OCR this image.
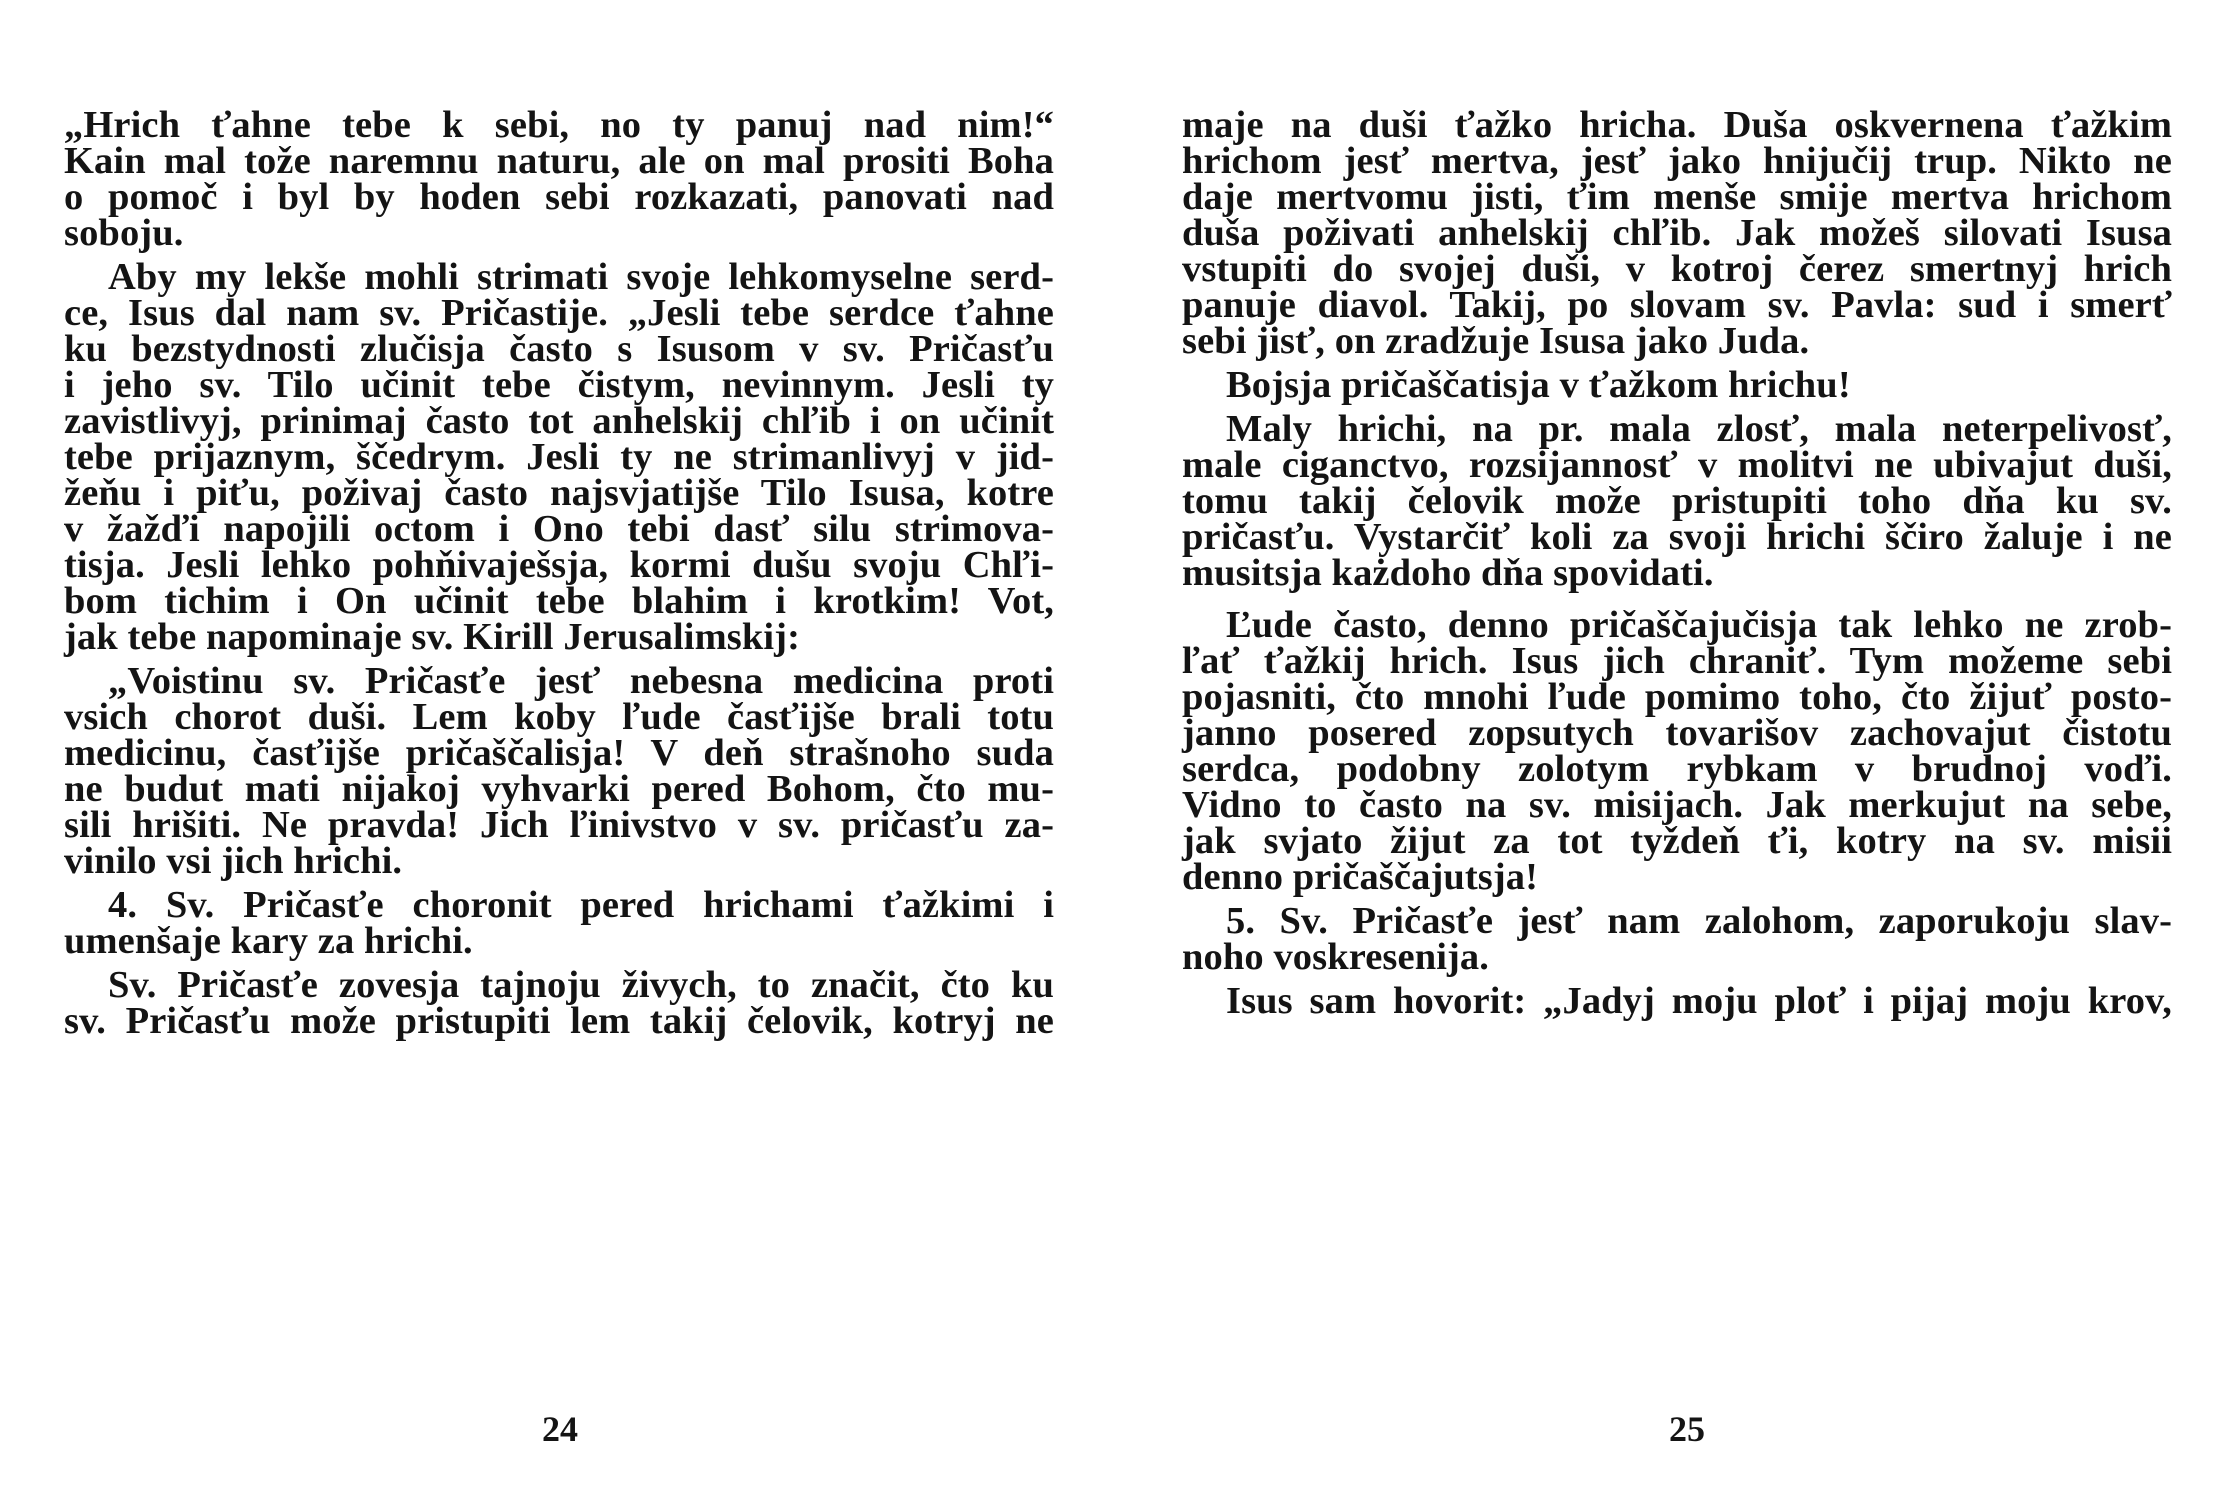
„Hrich ťahne tebe k sebi, no ty panuj nad nim!“
Kain mal tože naremnu naturu, ale on mal prositi Boha
o pomoč i byl by hoden sebi rozkazati, panovati nad
soboju.
Aby my lekše mohli strimati svoje lehkomyselne serd-
ce, Isus dal nam sv. Pričastije. „Jesli tebe serdce ťahne
ku bezstydnosti zlučisja často s Isusom v sv. Pričasťu
i jeho sv. Tilo učinit tebe čistym, nevinnym. Jesli ty
zavistlivyj, prinimaj často tot anhelskij chľib i on učinit
tebe prijaznym, ščedrym. Jesli ty ne strimanlivyj v jid-
žeňu i piťu, poživaj často najsvjatiјše Tilo Isusa, kotre
v žažďi napojili octom i Ono tebi dasť silu strimova-
tisja. Jesli lehko pohňivaješsja, kormi dušu svoju Chľi-
bom tichim i On učinit tebe blahim i krotkim! Vot,
jak tebe napominaje sv. Kirill Jerusalimskij:
„Voistinu sv. Pričasťe jesť nebesna medicina proti
vsich chorot duši. Lem koby ľude časťijše brali totu
medicinu, časťijše pričaščalisja! V deň strašnoho suda
ne budut mati nijakoj vyhvarki pered Bohom, čto mu-
sili hrišiti. Ne pravda! Jich ľinivstvo v sv. pričasťu za-
vinilo vsi jich hrichi.
4. Sv. Pričasťe choronit pered hrichami ťažkimi i
umenšaje kary za hrichi.
Sv. Pričasťe zovesja tajnoju živych, to značit, čto ku
sv. Pričasťu može pristupiti lem takij čelovik, kotryj ne
maje na duši ťažko hricha. Duša oskvernena ťažkim
hrichom jesť mertva, jesť jako hnijučij trup. Nikto ne
daje mertvomu jisti, ťim menše smije mertva hrichom
duša poživati anhelskij chľib. Jak možeš silovati Isusa
vstupiti do svojej duši, v kotroj čerez smertnyj hrich
panuje diavol. Takij, po slovam sv. Pavla: sud i smerť
sebi jisť, on zradžuje Isusa jako Juda.
Bojsja pričaščatisja v ťažkom hrichu!
Maly hrichi, na pr. mala zlosť, mala neterpelivosť,
male ciganctvo, rozsijannosť v molitvi ne ubivajut duši,
tomu takij čelovik može pristupiti toho dňa ku sv.
pričasťu. Vystarčiť koli za svoji hrichi ščiro žaluje i ne
musitsja każdoho dňa spovidati.
Ľude často, denno pričaščajučisja tak lehko ne zrob-
ľať ťažkij hrich. Isus jich chraniť. Tym možeme sebi
pojasniti, čto mnohi ľude pomimo toho, čto žijuť posto-
janno posered zopsutych tovarišov zachovajut čistotu
serdca, podobny zolotym rybkam v brudnoj voďi.
Vidno to často na sv. misijach. Jak merkujut na sebe,
jak svjato žijut za tot tyždeň ťi, kotry na sv. misii
denno pričaščajutsja!
5. Sv. Pričasťe jesť nam zalohom, zaporukoju slav-
noho voskresenija.
Isus sam hovorit: „Jadyj moju ploť i pijaj moju krov,
24	25
